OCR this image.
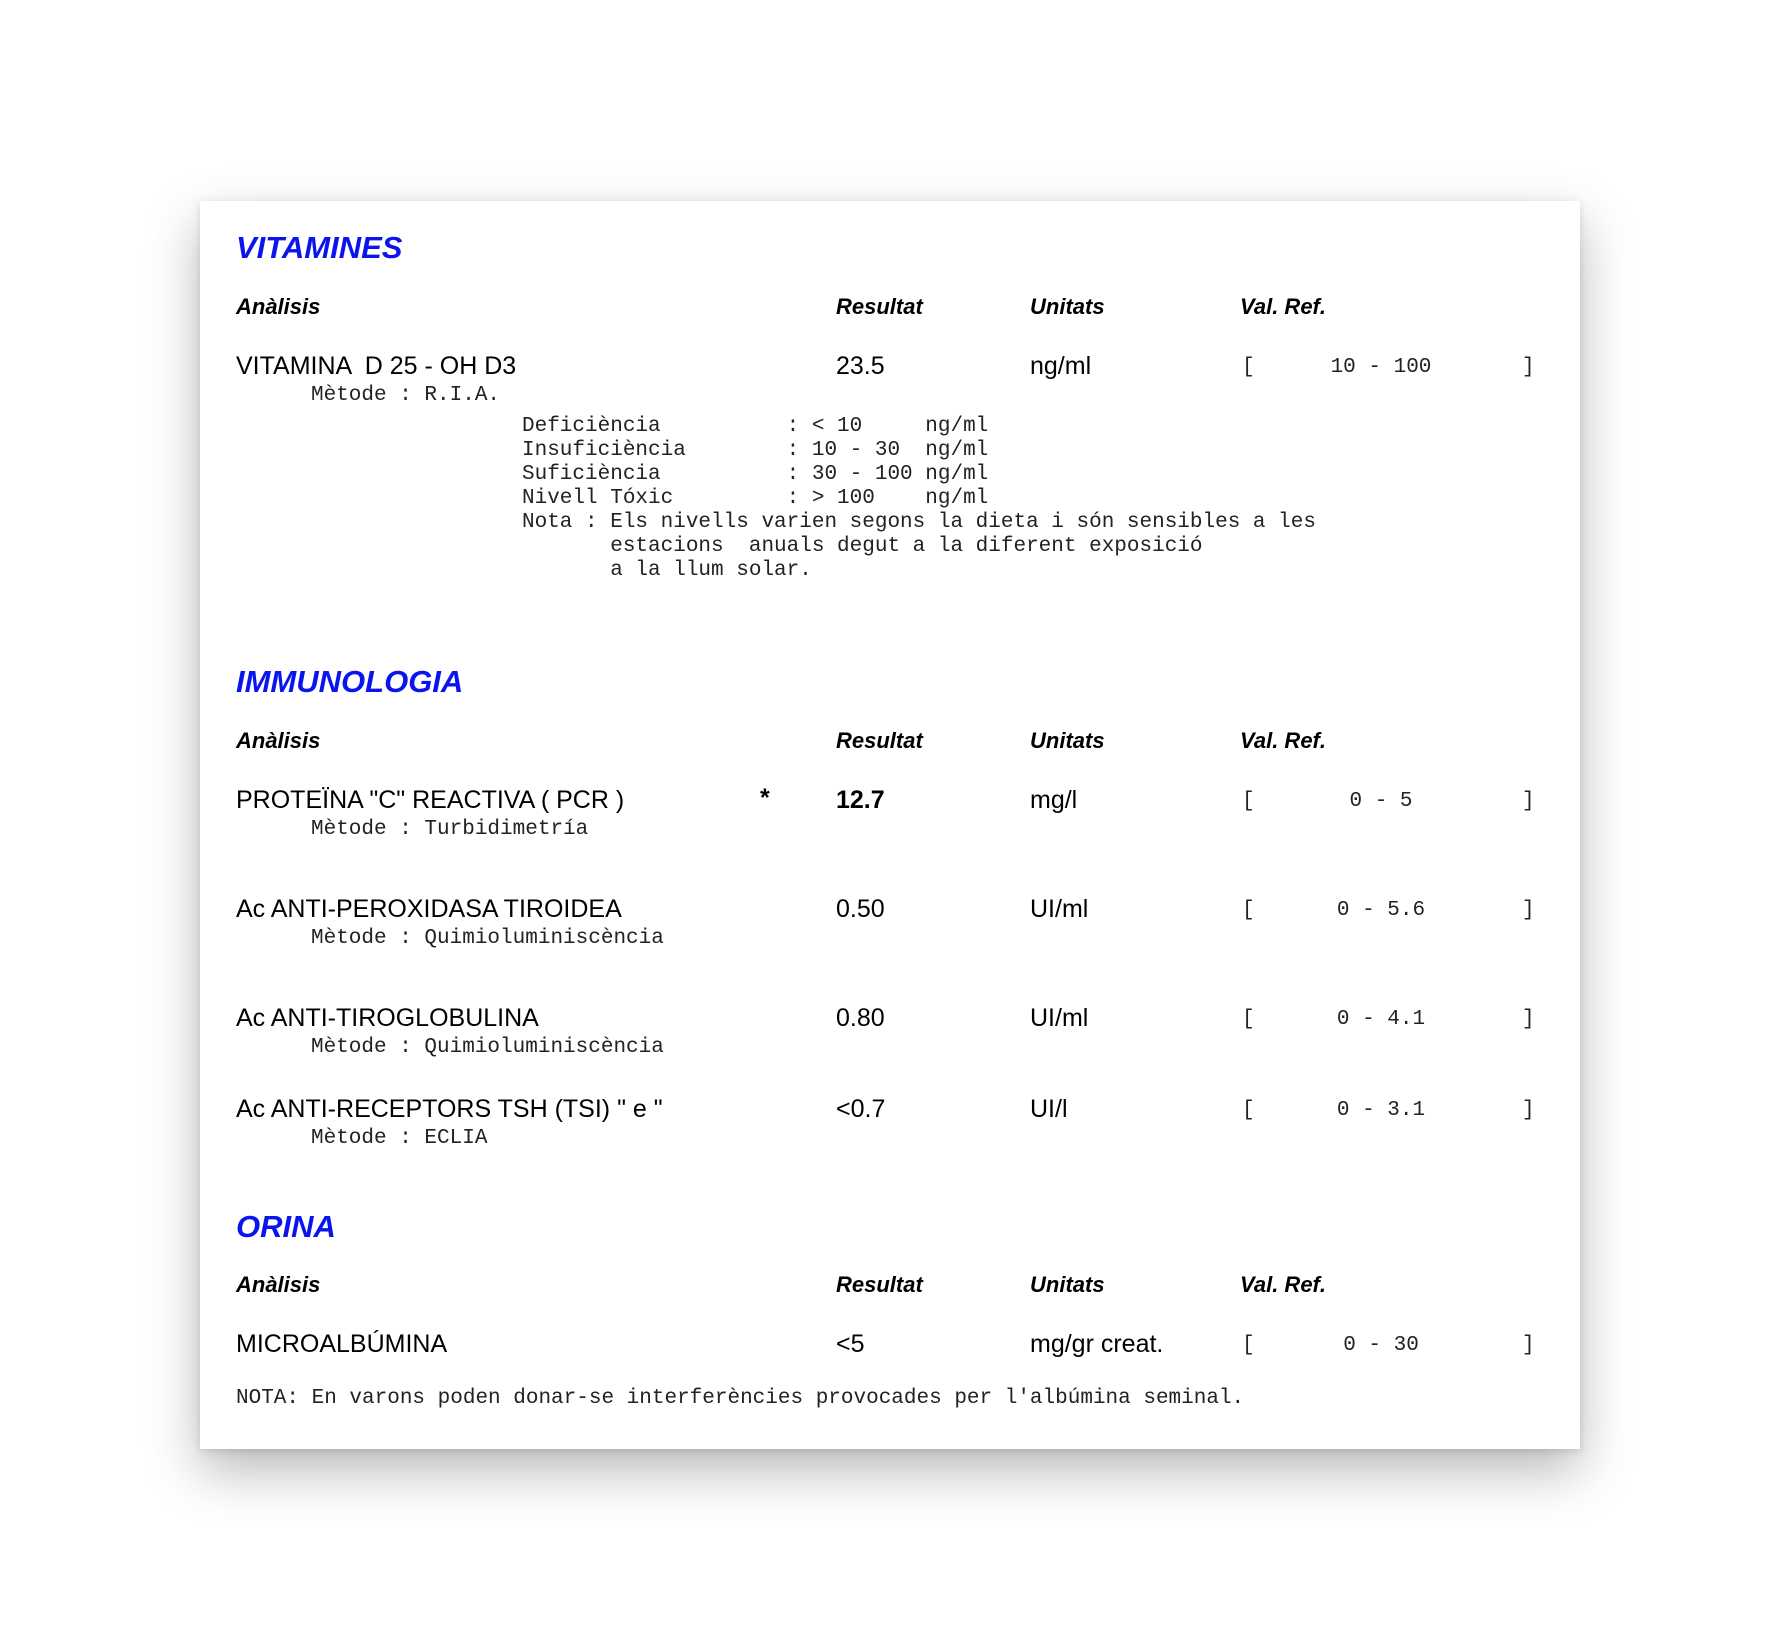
VITAMINES
Anàlisis	Resultat	Unitats	Val. Ref.
VITAMINA  D 25 - OH D3	23.5	ng/ml	[	10 - 100	]
Mètode : R.I.A.
Deficiència          : < 10     ng/ml
Insuficiència        : 10 - 30  ng/ml
Suficiència          : 30 - 100 ng/ml
Nivell Tóxic         : > 100    ng/ml
Nota : Els nivells varien segons la dieta i són sensibles a les
estacions  anuals degut a la diferent exposició
a la llum solar.
IMMUNOLOGIA
Anàlisis	Resultat	Unitats	Val. Ref.
PROTEÏNA "C" REACTIVA ( PCR )	*	12.7	mg/l	[	0 - 5	]
Mètode : Turbidimetría
Ac ANTI-PEROXIDASA TIROIDEA	0.50	UI/ml	[	0 - 5.6	]
Mètode : Quimioluminiscència
Ac ANTI-TIROGLOBULINA	0.80	UI/ml	[	0 - 4.1	]
Mètode : Quimioluminiscència
Ac ANTI-RECEPTORS TSH (TSI) " e "	<0.7	UI/l	[	0 - 3.1	]
Mètode : ECLIA
ORINA
Anàlisis	Resultat	Unitats	Val. Ref.
MICROALBÚMINA	<5	mg/gr creat.	[	0 - 30	]
NOTA: En varons poden donar-se interferències provocades per l'albúmina seminal.
